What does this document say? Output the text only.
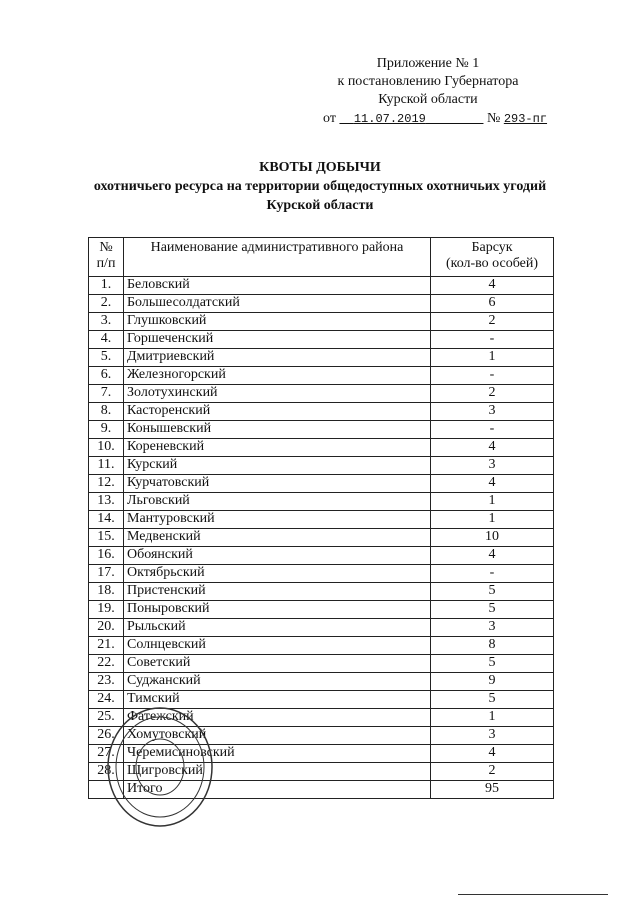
Приложение № 1
к постановлению Губернатора
Курской области
от 11.07.2019	№ 293-пг
КВОТЫ ДОБЫЧИ
охотничьего ресурса на территории общедоступных охотничьих угодий
Курской области
№ п/п	Наименование административного района	Барсук
(кол-во особей)

1.	Беловский	4
2.	Большесолдатский	6
3.	Глушковский	2
4.	Горшеченский	-
5.	Дмитриевский	1
6.	Железногорский	-
7.	Золотухинский	2
8.	Касторенский	3
9.	Конышевский	-
10.	Кореневский	4
11.	Курский	3
12.	Курчатовский	4
13.	Льговский	1
14.	Мантуровский	1
15.	Медвенский	10
16.	Обоянский	4
17.	Октябрьский	-
18.	Пристенский	5
19.	Поныровский	5
20.	Рыльский	3
21.	Солнцевский	8
22.	Советский	5
23.	Суджанский	9
24.	Тимский	5
25.	Фатежский	1
26.	Хомутовский	3
27.	Черемисиновский	4
28.	Щигровский	2
	Итого	95
